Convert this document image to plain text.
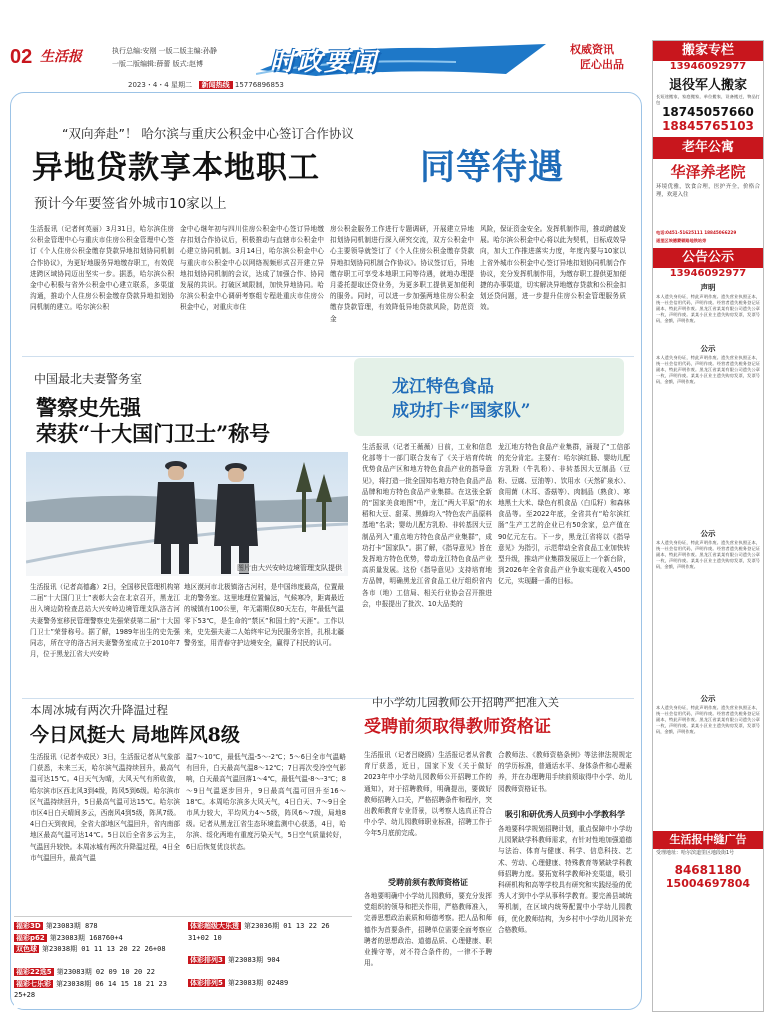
02 生活报	执行总编:安刚 一版二版主编:孙静
一版二版编辑:薛蕾 版式:赵博	时政要闻	权威资讯
匠心出品
2023・4・4 星期二 新闻热线 15776896853
“双向奔赴”！ 哈尔滨与重庆公积金中心签订合作协议
异地贷款享本地职工	同等待遇
预计今年要签省外城市10家以上
生活报讯（记者何英丽）3月31日，哈尔滨住房公积金管理中心与重庆市住房公积金管理中心签订《个人住房公积金缴存贷款异地扣划协同机制合作协议》，为更好地服务异地缴存职工，有效促进跨区域协同迈出坚实一步。据悉，哈尔滨公积金中心积极与省外公积金中心建立联系，多渠道沟通，推动个人住房公积金缴存贷款异地扣划协同机制的建立。哈尔滨公积
金中心继年初与四川住房公积金中心签订异地缴存扣划合作协议后，积极推动与直辖市公积金中心建立协同机制。3月14日，哈尔滨公积金中心与重庆市公积金中心以网络视频形式召开建立异地扣划协同机制的会议，达成了加强合作、协同发展的共识。打破区域限制，加快异地协同。哈尔滨公积金中心调研考察组专程赴重庆市住房公积金中心，对重庆市住
房公积金服务工作进行专题调研，开展建立异地扣划协同机制进行深入研究交流，双方公积金中心主要领导就签订了《个人住房公积金缴存贷款异地扣划协同机制合作协议》。协议签订后，异地缴存职工可享受本地职工同等待遇，就地办理提月委托提取还贷业务，为更多职工提供更加便利的服务。同时，可以进一步加强两地住房公积金缴存贷款管理，有效降低异地贷款风险，防范资金
风险，保证资金安全。发挥机制作用，推动跨越发展。哈尔滨公积金中心将以此为契机，目标成效导向，加大工作推进落实力度，年度内要与10家以上省外城市公积金中心签订异地扣划协同机制合作协议，充分发挥机制作用，为缴存职工提供更加便捷的办事渠道，切实解决异地缴存贷款和公积金扣划还贷问题，进一步提升住房公积金管理服务质效。
中国最北夫妻警务室
警察史先强
荣获“十大国门卫士”称号
图片由大兴安岭边境管理支队提供
生活报讯（记者高德鑫）2日，全国移民管理机构第二届“十大国门卫士”表彰大会在北京召开，黑龙江出入境边防检查总站大兴安岭边境管理支队洛古河夫妻警务室移民管理警察史先强荣获第二届“十大国门卫士”荣誉称号。据了解，1989年出生的史先强同志，所在守的洛古河夫妻警务室成立于2010年7月，位于黑龙江省大兴安岭
地区漠河市北极镇洛古河村，是中国纬度最高，位置最北的警务室。这里地理位置偏远，气候寒冷，距离最近的城镇有100公里，年无霜期仅80天左右，年最低气温零下53℃，是生命的“禁区”和国土的“天涯”。工作以来，史先强夫妻二人始终牢记为民服务宗旨，扎根北疆警务室，用青春守护边境安全，赢得了村民的认可。
龙江特色食品
成功打卡“国家队”
生活报讯（记者王薇薇）日前，工业和信息化部等十一部门联合发布了《关于培育传统优势食品产区和地方特色食品产业的指导意见》，将打造一批全国知名地方特色食品产品品牌和地方特色食品产业集群。在这张全新的“国家美食地图”中，龙江“两大平原”的水稻和大豆、甜菜、黑蜂均入“特色农产品原料基地”名录；婴幼儿配方乳粉、非转基因大豆制品列入“重点地方特色食品产业集群”，成功打卡“国家队”。据了解，《指导意见》旨在发挥地方特色优势，带动龙江特色食品产业高质量发展。这份《指导意见》支持培育地方品牌，明确黑龙江省食品工业厅组织省内各市（地）工信局、相关行业协会召开推进会，申报提出了批次、10大品类的
龙江地方特色食品产业集群，涌现了“工信部的充分肯定。主要有：哈尔滨红肠、婴幼儿配方乳粉（牛乳粉）、非转基因大豆制品（豆粉、豆腐、豆油等）、饮用水（天然矿泉水）、食用菌（木耳、香菇等）、肉制品（熟食）、寒地黑土大米、绿色有机食品（白瓜籽）和森林食品等。至2022年底，全省共有“哈尔滨红肠”生产工艺的企业已有50余家，总产值在90亿元左右。下一步，黑龙江省将以《指导意见》为指引，示范带动全省食品工业加快转型升级，推动产业集群发展迈上一个新台阶，到2026年全省食品产业争取实现收入4500亿元，实现翻一番的目标。
本周冰城有两次升降温过程
今日风挺大 局地阵风8级
生活报讯（记者李成民）3日，生活报记者从气象部门获悉，未来三天，哈尔滨气温持续回升，最高气温可达15℃。4日天气为晴，大风天气有所收敛，哈尔滨市区西北风3到4级，阵风5到6级。哈尔滨市区气温持续回升，5日最高气温可达15℃。哈尔滨市区4日白天晴间多云，西南风4到5级，阵风7级。4日白天到夜间，全省大部地区气温回升，省内南部地区最高气温可达14℃。5日以后全省多云为主，气温回升较快。本周冰城有两次升降温过程，4日全市气温回升，最高气温
温7～10℃，最低气温-5～-2℃；5～6日全市气温略有回升，白天最高气温8～12℃；7日再次受冷空气影响，白天最高气温回落1～4℃，最低气温-8～-3℃；8～9日气温逐步回升，9日最高气温可回升至16～18℃。本周哈尔滨多大风天气，4日白天、7～9日全市风力较大，平均风力4～5级，阵风6～7级，局地8级。记者从黑龙江省生态环境监测中心获悉，4日，哈尔滨、绥化两地有重度污染天气，5日空气质量转好，6日后恢复优良状态。
中小学幼儿园教师公开招聘严把准入关
受聘前须取得教师资格证
生活报讯（记者吕晓鸥）生活报记者从省教育厅获悉，近日，国家下发《关于做好2023年中小学幼儿园教师公开招聘工作的通知》，对于招聘教师，明确提出，要做好教师招聘入口关，严格招聘条件和程序，突出教师教育专业背景，以考察人选真正符合中小学、幼儿园教师职业标准，招聘工作于今年5月底前完成。
受聘前须有教师资格证
各地要明确中小学幼儿园教师，要充分发挥党组织的领导和把关作用，严格教师准入，完善思想政治素质和师德考察。把人品和师德作为首要条件，招聘单位需要全面考察应聘者的思想政治、道德品质、心理健康、职业操守等，对不符合条件的，一律不予聘用。
合教师法、《教师资格条例》等法律法规规定的学历标准，普通话水平、身体条件和心理素养，并在办理聘用手续前须取得中小学、幼儿园教师资格证书。
吸引和研优秀人员到中小学教科学
各地要科学规划招聘计划，重点保障中小学幼儿园紧缺学科教师需求，有针对性地加强道德与法治、体育与健康、科学、信息科技、艺术、劳动、心理健康、特殊教育等紧缺学科教师招聘力度。要拓宽科学教师补充渠道，吸引科研机构和高等学校具有研究和实践经验的优秀人才到中小学从事科学教育。要完善县域统筹机制，在区域内统筹配置中小学幼儿园教师，优化教师结构，为乡村中小学幼儿园补充合格教师。
福彩3D 第23083期 878
福彩p62 第23083期 168760+4
双色球 第23038期 01 11 13 20 22 26+08
福彩22选5 第23083期 02 09 10 20 22
福彩七乐彩 第23038期 06 14 15 18 21 23 25+28
体彩超级大乐透 第23036期 01 13 22 26 31+02 10
体彩排列3 第23083期 904
体彩排列5 第23083期 02489
搬家专栏
13946092977
退役军人搬家
长短途搬家，家庭搬家，单位搬家，设备搬迁，物品打包
18745057660
18845765103
老年公寓
华泽养老院
环境优雅，饮食合理，医护齐全，价格合理，欢迎入住
电话:0451-51625111 18845066229
道里区埃德蒙顿路地铁站旁
公告公示
13946092977
声明
本人遗失身份证，特此声明作废。遗失营业执照正本，统一社会信用代码，声明作废。经营者遗失税务登记证副本，特此声明作废。黑龙江省某某有限公司遗失公章一枚，声明作废。某某小区业主遗失购房发票，发票号码，金额，声明作废。
公示
本人遗失身份证，特此声明作废。遗失营业执照正本，统一社会信用代码，声明作废。经营者遗失税务登记证副本，特此声明作废。黑龙江省某某有限公司遗失公章一枚，声明作废。某某小区业主遗失购房发票，发票号码，金额，声明作废。
公示
本人遗失身份证，特此声明作废。遗失营业执照正本，统一社会信用代码，声明作废。经营者遗失税务登记证副本，特此声明作废。黑龙江省某某有限公司遗失公章一枚，声明作废。某某小区业主遗失购房发票，发票号码，金额，声明作废。
公示
本人遗失身份证，特此声明作废。遗失营业执照正本，统一社会信用代码，声明作废。经营者遗失税务登记证副本，特此声明作废。黑龙江省某某有限公司遗失公章一枚，声明作废。某某小区业主遗失购房发票，发票号码，金额，声明作废。
生活报中缝广告
受理地址：哈尔滨道里区地段街1号
84681180
15004697804
